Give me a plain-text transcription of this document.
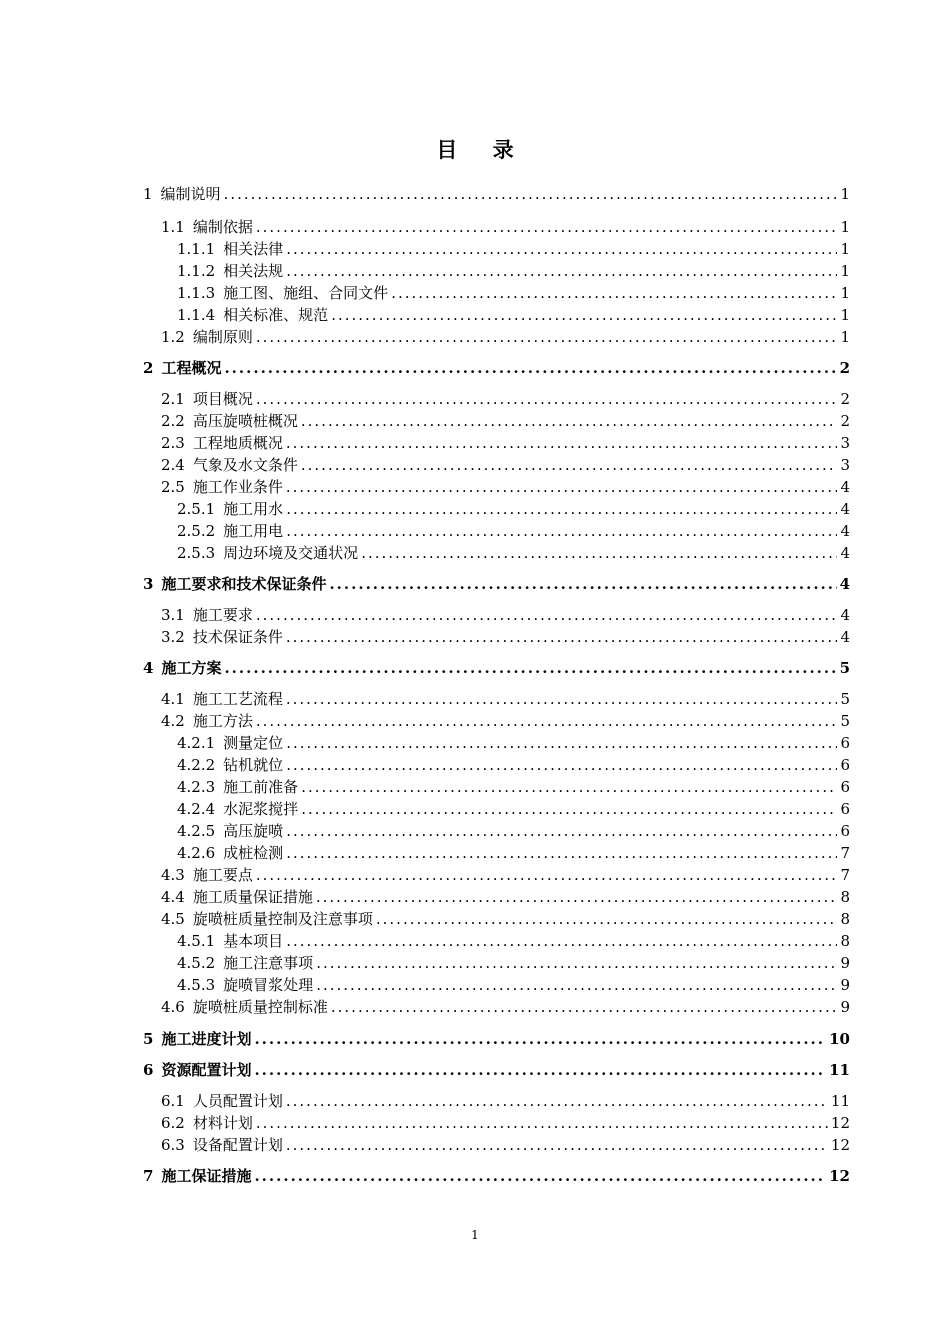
目 录
1 编制说明 .....	1
1.1 编制依据 .....	1
1.1.1 相关法律 .....	1
1.1.2 相关法规 .....	1
1.1.3 施工图、施组、合同文件 .....	1
1.1.4 相关标准、规范 .....	1
1.2 编制原则 .....	1
2 工程概况 .....	2
2.1 项目概况 .....	2
2.2 高压旋喷桩概况 .....	2
2.3 工程地质概况 .....	3
2.4 气象及水文条件 .....	3
2.5 施工作业条件 .....	4
2.5.1 施工用水 .....	4
2.5.2 施工用电 .....	4
2.5.3 周边环境及交通状况 .....	4
3 施工要求和技术保证条件 .....	4
3.1 施工要求 .....	4
3.2 技术保证条件 .....	4
4 施工方案 .....	5
4.1 施工工艺流程 .....	5
4.2 施工方法 .....	5
4.2.1 测量定位 .....	6
4.2.2 钻机就位 .....	6
4.2.3 施工前准备 .....	6
4.2.4 水泥浆搅拌 .....	6
4.2.5 高压旋喷 .....	6
4.2.6 成桩检测 .....	7
4.3 施工要点 .....	7
4.4 施工质量保证措施 .....	8
4.5 旋喷桩质量控制及注意事项 .....	8
4.5.1 基本项目 .....	8
4.5.2 施工注意事项 .....	9
4.5.3 旋喷冒浆处理 .....	9
4.6 旋喷桩质量控制标准 .....	9
5 施工进度计划 .....	10
6 资源配置计划 .....	11
6.1 人员配置计划 .....	11
6.2 材料计划 .....	12
6.3 设备配置计划 .....	12
7 施工保证措施 .....	12
1
